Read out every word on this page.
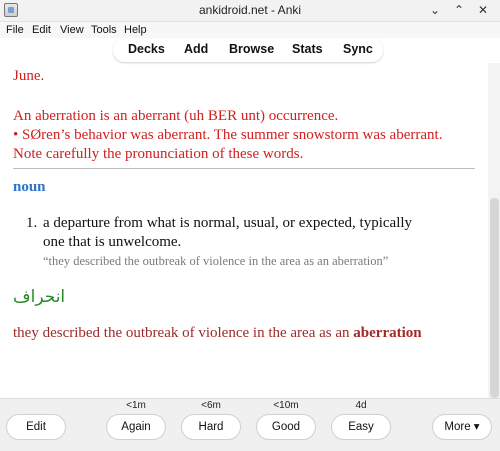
ankidroid.net - Anki	⌄ ⌃ ✕
File Edit View Tools Help
Decks Add Browse Stats Sync
June.
An aberration is an aberrant (uh BER unt) occurrence.
• SØren’s behavior was aberrant. The summer snowstorm was aberrant.
Note carefully the pronunciation of these words.
noun
1. a departure from what is normal, usual, or expected, typically
one that is unwelcome.
“they described the outbreak of violence in the area as an aberration”
انحراف
they described the outbreak of violence in the area as an aberration
<1m	<6m	<10m	4d
Edit	Again	Hard	Good	Easy	More ▾
